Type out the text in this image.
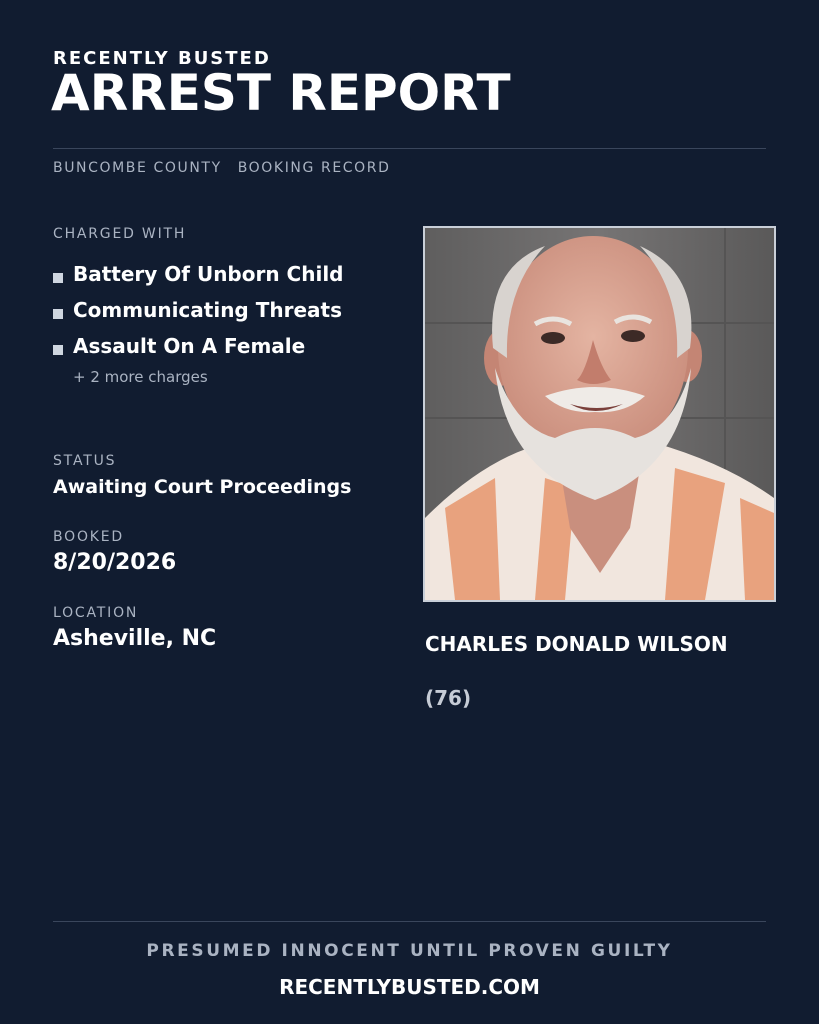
RECENTLY BUSTED
ARREST REPORT
BUNCOMBE COUNTY BOOKING RECORD
CHARGED WITH
Battery Of Unborn Child
Communicating Threats
Assault On A Female
+ 2 more charges
STATUS
Awaiting Court Proceedings
BOOKED
8/20/2026
LOCATION
Asheville, NC	CHARLES DONALD WILSON
(76)
PRESUMED INNOCENT UNTIL PROVEN GUILTY
RECENTLYBUSTED.COM
